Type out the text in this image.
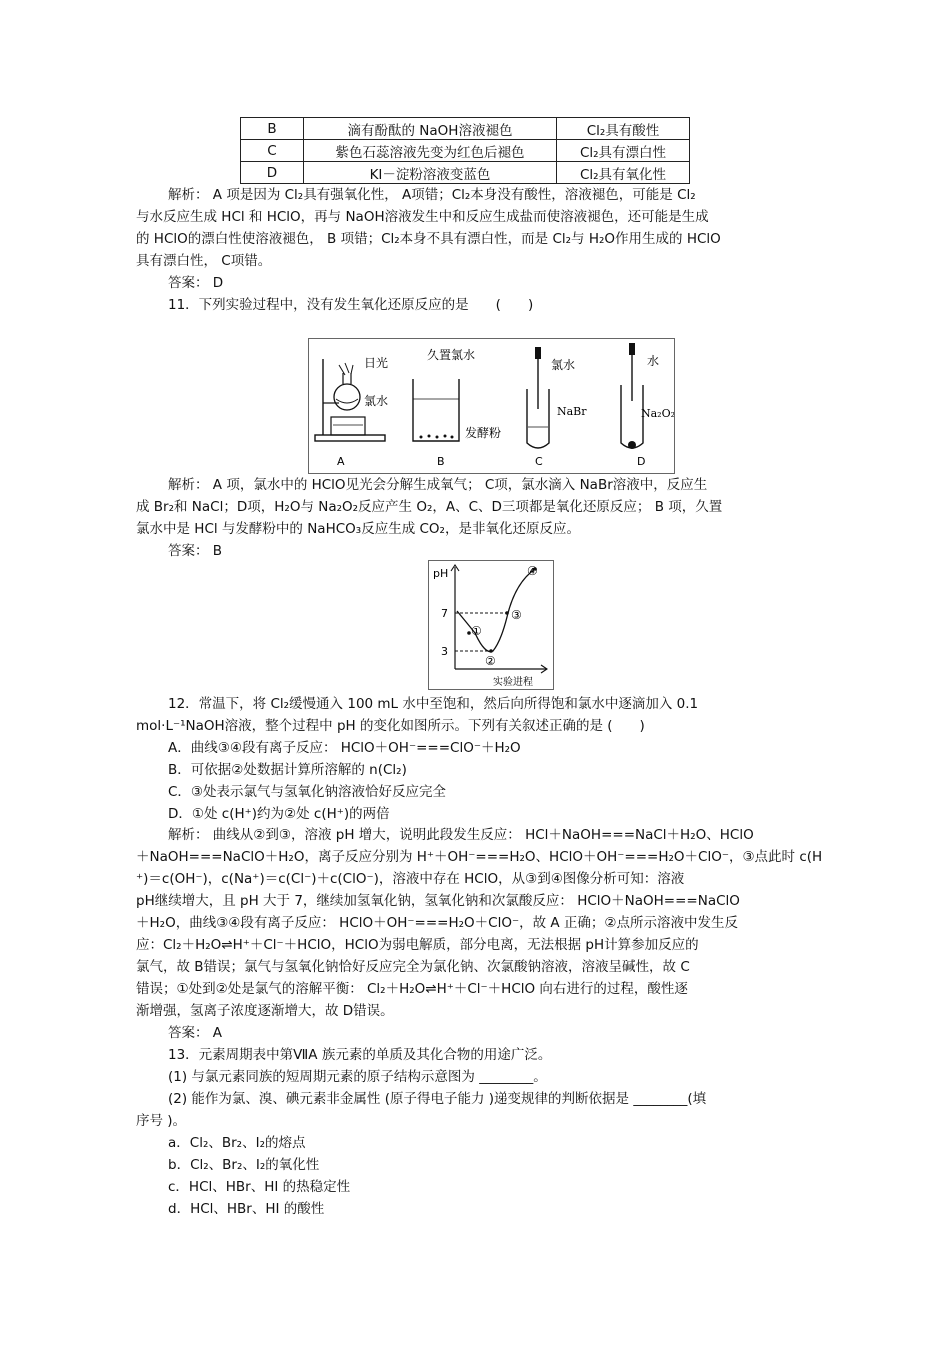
B	滴有酚酞的 NaOH溶液褪色	Cl₂具有酸性
C	紫色石蕊溶液先变为红色后褪色	Cl₂具有漂白性
D	KI－淀粉溶液变蓝色	Cl₂具有氧化性
解析： A 项是因为 Cl₂具有强氧化性， A项错；Cl₂本身没有酸性，溶液褪色，可能是 Cl₂
与水反应生成 HCl 和 HClO，再与 NaOH溶液发生中和反应生成盐而使溶液褪色，还可能是生成
的 HClO的漂白性使溶液褪色， B 项错；Cl₂本身不具有漂白性，而是 Cl₂与 H₂O作用生成的 HClO
具有漂白性， C项错。
答案： D
11．下列实验过程中，没有发生氧化还原反应的是　　(　　)
日光
氯水
A
久置氯水
发酵粉
B
氯水
NaBr
C
水
Na₂O₂
D
解析： A 项，氯水中的 HClO见光会分解生成氧气； C项，氯水滴入 NaBr溶液中，反应生
成 Br₂和 NaCl；D项，H₂O与 Na₂O₂反应产生 O₂，A、C、D三项都是氧化还原反应； B 项，久置
氯水中是 HCl 与发酵粉中的 NaHCO₃反应生成 CO₂，是非氧化还原反应。
答案： B
pH
7
3
①
②
③
④
实验进程
12．常温下，将 Cl₂缓慢通入 100 mL 水中至饱和，然后向所得饱和氯水中逐滴加入 0.1
mol·L⁻¹NaOH溶液，整个过程中 pH 的变化如图所示。下列有关叙述正确的是 (　　)
A．曲线③④段有离子反应： HClO＋OH⁻===ClO⁻＋H₂O
B．可依据②处数据计算所溶解的 n(Cl₂)
C．③处表示氯气与氢氧化钠溶液恰好反应完全
D．①处 c(H⁺)约为②处 c(H⁺)的两倍
解析： 曲线从②到③，溶液 pH 增大，说明此段发生反应： HCl＋NaOH===NaCl＋H₂O、HClO
＋NaOH===NaClO＋H₂O，离子反应分别为 H⁺＋OH⁻===H₂O、HClO＋OH⁻===H₂O＋ClO⁻，③点此时 c(H
⁺)＝c(OH⁻)，c(Na⁺)＝c(Cl⁻)＋c(ClO⁻)，溶液中存在 HClO，从③到④图像分析可知：溶液
pH继续增大，且 pH 大于 7，继续加氢氧化钠，氢氧化钠和次氯酸反应： HClO＋NaOH===NaClO
＋H₂O，曲线③④段有离子反应： HClO＋OH⁻===H₂O＋ClO⁻，故 A 正确；②点所示溶液中发生反
应：Cl₂＋H₂O⇌H⁺＋Cl⁻＋HClO，HClO为弱电解质，部分电离，无法根据 pH计算参加反应的
氯气，故 B错误；氯气与氢氧化钠恰好反应完全为氯化钠、次氯酸钠溶液，溶液呈碱性，故 C
错误；①处到②处是氯气的溶解平衡： Cl₂＋H₂O⇌H⁺＋Cl⁻＋HClO 向右进行的过程，酸性逐
渐增强，氢离子浓度逐渐增大，故 D错误。
答案： A
13．元素周期表中第ⅦA 族元素的单质及其化合物的用途广泛。
(1) 与氯元素同族的短周期元素的原子结构示意图为 ________。
(2) 能作为氯、溴、碘元素非金属性 (原子得电子能力 )递变规律的判断依据是 ________(填
序号 )。
a．Cl₂、Br₂、I₂的熔点
b．Cl₂、Br₂、I₂的氧化性
c．HCl、HBr、HI 的热稳定性
d．HCl、HBr、HI 的酸性
